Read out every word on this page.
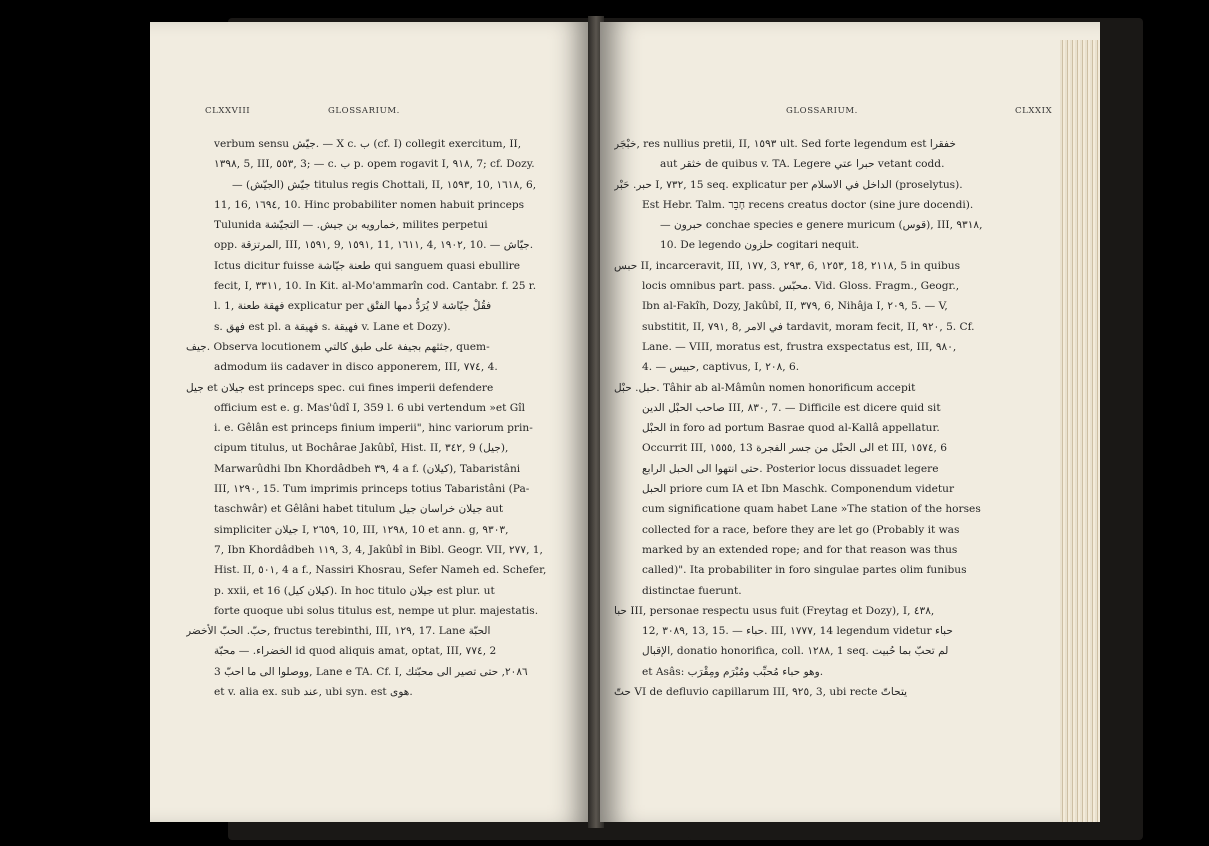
CLXXVIII	GLOSSARIUM.
verbum sensu جيّش. — X c. ب (cf. I) collegit exercitum, II,
١٣٩٨, 5, III, ٥٥٣, 3; — c. ب p. opem rogavit I, ٩١٨, 7; cf. Dozy.
— جيّش (الجيّش) titulus regis Chottali, II, ١٥٩٣, 10, ١٦١٨, 6,
11, 16, ١٦٩٤, 10. Hinc probabiliter nomen habuit princeps
Tulunida خمارويه بن جيش. — التجيّشة, milites perpetui
opp. المرتزقة, III, ١٥٩١, 9, ١٥٩١, 11, ١٦١١, 4, ١٩٠٢, 10. — جيّاش.
Ictus dicitur fuisse طعنة جيّاشة qui sanguem quasi ebullire
fecit, I, ٣٣١١, 10. In Kit. al-Mo'ammarîn cod. Cantabr. f. 25 r.
l. 1, فهقة طعنة explicatur per فقُلْ جيّاشة لا يُرَدُّ دمها الفتْق
s. فهق est pl. a فهيقة s. فهيقة v. Lane et Dozy).
جيف. Observa locutionem جثثهم بجيفة على طبق كالتي, quem-
admodum iis cadaver in disco apponerem, III, ٧٧٤, 4.
جيل et جيلان est princeps spec. cui fines imperii defendere
officium est e. g. Mas'ûdî I, 359 l. 6 ubi vertendum »et Gîl
i. e. Gêlân est princeps finium imperii", hinc variorum prin-
cipum titulus, ut Bochârae Jakûbî, Hist. II, ٣٤٢, 9 (جيل),
Marwarûdhi Ibn Khordâdbeh ٣٩, 4 a f. (كيلان), Tabaristâni
III, ١٢٩٠, 15. Tum imprimis princeps totius Tabaristâni (Pa-
taschwâr) et Gêlâni habet titulum جيلان خراسان جيل aut
simpliciter جيلان I, ٢٦٥٩, 10, III, ١٢٩٨, 10 et ann. g, ٩٣٠٣,
7, Ibn Khordâdbeh ١١٩, 3, 4, Jakûbî in Bibl. Geogr. VII, ٢٧٧, 1,
Hist. II, ٥٠١, 4 a f., Nassiri Khosrau, Sefer Nameh ed. Schefer,
p. xxii, et 16 (كيلان كيل). In hoc titulo جيلان est plur. ut
forte quoque ubi solus titulus est, nempe ut plur. majestatis.
حبّ. الحبّ الأخضر, fructus terebinthi, III, ١٢٩, 17. Lane الحبّة
الخضراء. — محبّة id quod aliquis amat, optat, III, ٧٧٤, 2
ووصلوا الى ما احبّ 3, Lane e TA. Cf. I, ٢٠٨٦, حتى تصير الى محبّتك
et v. alia ex. sub عند, ubi syn. est هوى.
GLOSSARIUM.	CLXXIX
خبْجَر, res nullius pretii, II, ١٥٩٣ ult. Sed forte legendum est خفقرا
aut خثقر de quibus v. TA. Legere حبرا عتي vetant codd.
حبر. حَبْر I, ٧٣٢, 15 seq. explicatur per الداخل في الاسلام (proselytus).
Est Hebr. Talm. חָבֵר recens creatus doctor (sine jure docendi).
— حبرون conchae species e genere muricum (قوس), III, ٩٣١٨,
10. De legendo حلزون cogitari nequit.
حبس II, incarceravit, III, ١٧٧, 3, ٢٩٣, 6, ١٢٥٣, 18, ٢١١٨, 5 in quibus
locis omnibus part. pass. محبّس. Vid. Gloss. Fragm., Geogr.,
Ibn al-Fakîh, Dozy, Jakûbî, II, ٣٧٩, 6, Nihâja I, ٢٠٩, 5. — V,
substitit, II, ٧٩١, 8, في الامر tardavit, moram fecit, II, ٩٢٠, 5. Cf.
Lane. — VIII, moratus est, frustra exspectatus est, III, ٩٨٠,
4. — حبيس, captivus, I, ٢٠٨, 6.
حبل. حبْل. Tâhir ab al-Mâmûn nomen honorificum accepit
صاحب الحبْل الدين III, ٨٣٠, 7. — Difficile est dicere quid sit
الحبْل in foro ad portum Basrae quod al-Kallâ appellatur.
Occurrit III, ١٥٥٥, 13 الى الحبْل من جسر الفجرة et III, ١٥٧٤, 6
حتى انتهوا الى الحبل الرابع. Posterior locus dissuadet legere
الحبل priore cum IA et Ibn Maschk. Componendum videtur
cum significatione quam habet Lane »The station of the horses
collected for a race, before they are let go (Probably it was
marked by an extended rope; and for that reason was thus
called)". Ita probabiliter in foro singulae partes olim funibus
distinctae fuerunt.
حبا III, personae respectu usus fuit (Freytag et Dozy), I, ٤٣٨,
12, ٣٠٨٩, 13, 15. — حباء. III, ١٧٧٧, 14 legendum videtur حباء
الإقبال, donatio honorifica, coll. ١٢٨٨, 1 seq. لم تحبّ بما حُبيت
et Asâs: وهو حباء مُحبِّب ومُبْرَم ومِقْرَب.
حتّ VI de defluvio capillarum III, ٩٢٥, 3, ubi recte يتحاتّ
